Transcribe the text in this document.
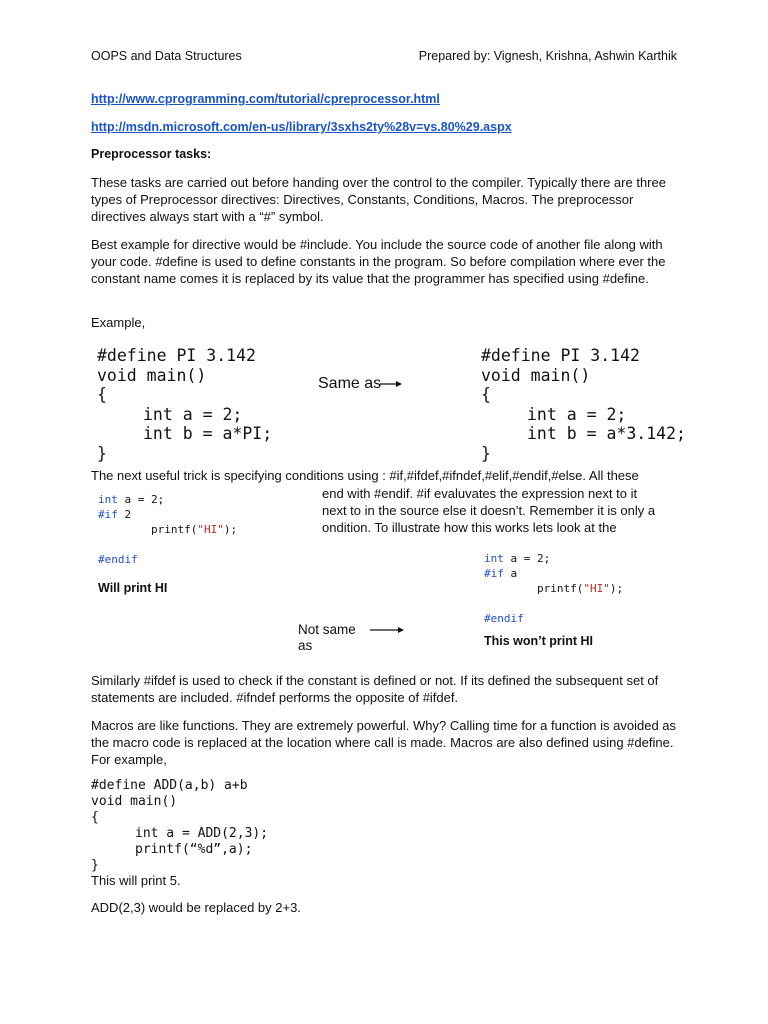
OOPS and Data Structures	Prepared by: Vignesh, Krishna, Ashwin Karthik
http://www.cprogramming.com/tutorial/cpreprocessor.html
http://msdn.microsoft.com/en-us/library/3sxhs2ty%28v=vs.80%29.aspx
Preprocessor tasks:

These tasks are carried out before handing over the control to the compiler. Typically there are three types of Preprocessor directives: Directives, Constants, Conditions, Macros. The preprocessor directives always start with a “#” symbol.

Best example for directive would be #include. You include the source code of another file along with your code. #define is used to define constants in the program. So before compilation where ever the constant name comes it is replaced by its value that the programmer has specified using #define.

Example,
#define PI 3.142
void main()
{
int a = 2;
int b = a*PI;
}
Same as
#define PI 3.142
void main()
{
int a = 2;
int b = a*3.142;
}
The next useful trick is specifying conditions using : #if,#ifdef,#ifndef,#elif,#endif,#else. All these
end with #endif. #if evaluvates the expression next to it
next to in the source else it doesn’t. Remember it is only a
ondition. To illustrate how this works lets look at the
int a = 2;
#if 2
printf("HI");
#endif
Will print HI
Not same
as
int a = 2;
#if a
printf("HI");
#endif
This won’t print HI

Similarly #ifdef is used to check if the constant is defined or not. If its defined the subsequent set of statements are included. #ifndef performs the opposite of #ifdef.

Macros are like functions. They are extremely powerful. Why? Calling time for a function is avoided as the macro code is replaced at the location where call is made. Macros are also defined using #define. For example,

#define ADD(a,b) a+b
void main()
{
int a = ADD(2,3);
printf(“%d”,a);
}
This will print 5.
ADD(2,3) would be replaced by 2+3.
